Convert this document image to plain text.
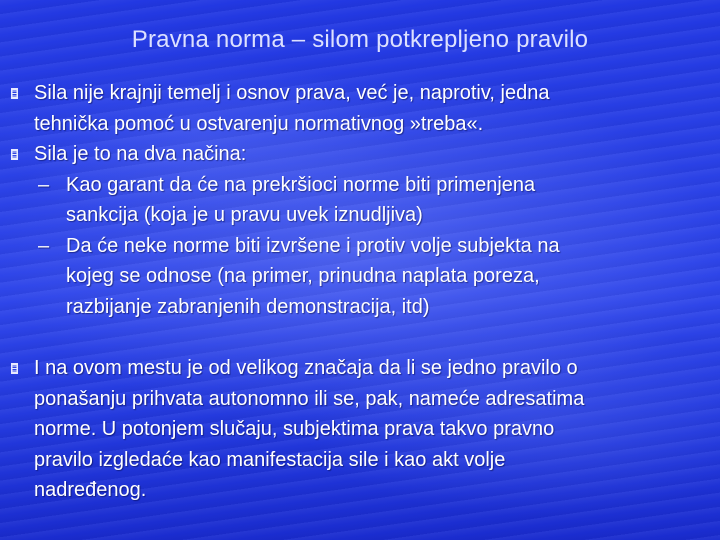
Pravna norma – silom potkrepljeno pravilo
Sila nije krajnji temelj i osnov prava, već je, naprotiv, jedna
tehnička pomoć u ostvarenju normativnog »treba«.
Sila je to na dva načina:
– Kao garant da će na prekršioci norme biti primenjena
sankcija (koja je u pravu uvek iznudljiva)
– Da će neke norme biti izvršene i protiv volje subjekta na
kojeg se odnose (na primer, prinudna naplata poreza,
razbijanje zabranjenih demonstracija, itd)
I na ovom mestu je od velikog značaja da li se jedno pravilo o
ponašanju prihvata autonomno ili se, pak, nameće adresatima
norme. U potonjem slučaju, subjektima prava takvo pravno
pravilo izgledaće kao manifestacija sile i kao akt volje
nadređenog.
